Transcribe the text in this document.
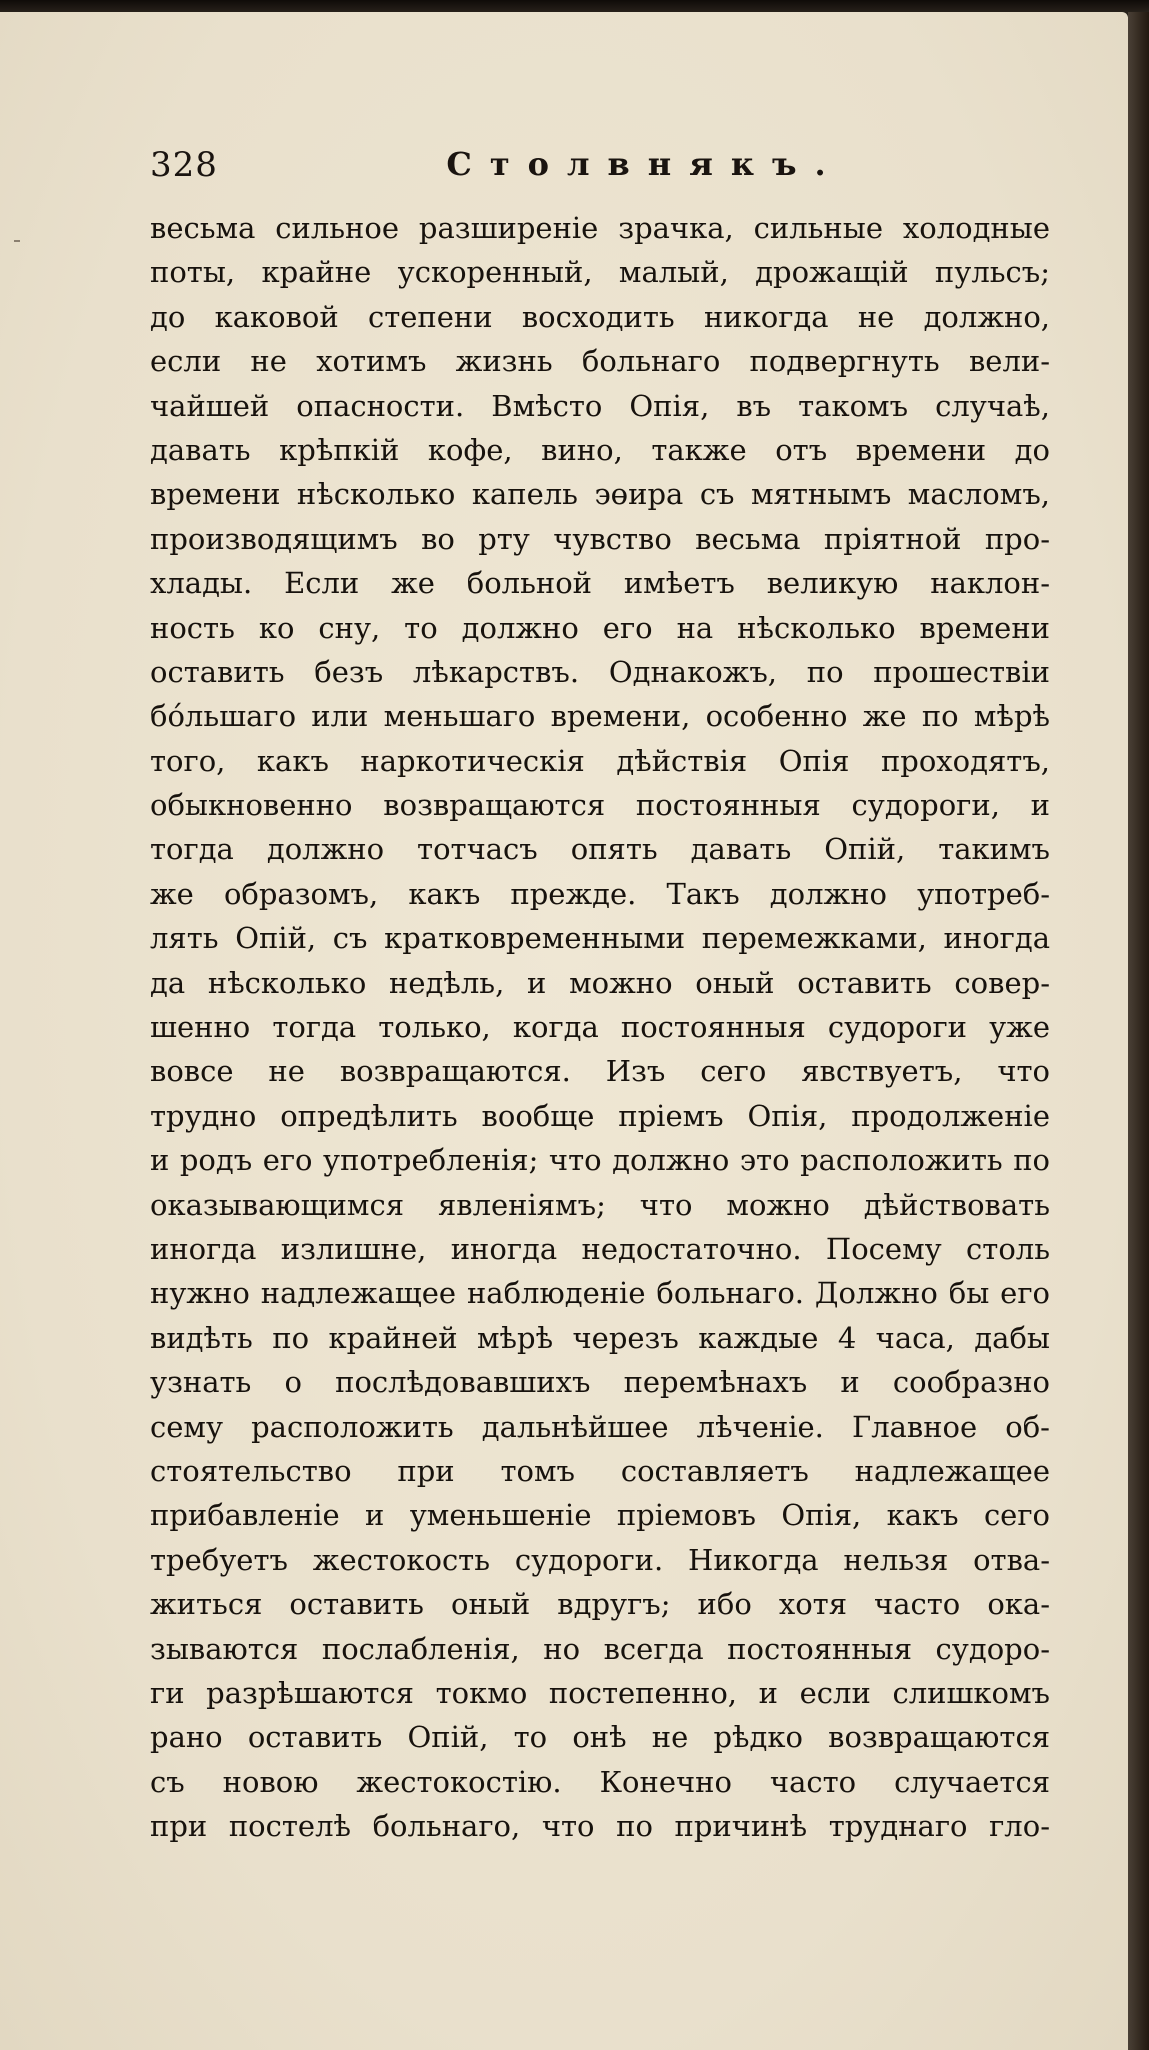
328	Столвнякъ.
весьма сильное разширеніе зрачка, сильные холодные
поты, крайне ускоренный, малый, дрожащій пульсъ;
до каковой степени восходить никогда не должно,
если не хотимъ жизнь больнаго подвергнуть вели-
чайшей опасности. Вмѣсто Опія, въ такомъ случаѣ,
давать крѣпкій кофе, вино, также отъ времени до
времени нѣсколько капель эөира съ мятнымъ масломъ,
производящимъ во рту чувство весьма пріятной про-
хлады. Если же больной имѣетъ великую наклон-
ность ко сну, то должно его на нѣсколько времени
оставить безъ лѣкарствъ. Однакожъ, по прошествіи
бóльшаго или меньшаго времени, особенно же по мѣрѣ
того, какъ наркотическія дѣйствія Опія проходятъ,
обыкновенно возвращаются постоянныя судороги, и
тогда должно тотчасъ опять давать Опій, такимъ
же образомъ, какъ прежде. Такъ должно употреб-
лять Опій, съ кратковременными перемежками, иногда
да нѣсколько недѣль, и можно оный оставить совер-
шенно тогда только, когда постоянныя судороги уже
вовсе не возвращаются. Изъ сего явствуетъ, что
трудно опредѣлить вообще пріемъ Опія, продолженіе
и родъ его употребленія; что должно это расположить по
оказывающимся явленіямъ; что можно дѣйствовать
иногда излишне, иногда недостаточно. Посему столь
нужно надлежащее наблюденіе больнаго. Должно бы его
видѣть по крайней мѣрѣ черезъ каждые 4 часа, дабы
узнать о послѣдовавшихъ перемѣнахъ и сообразно
сему расположить дальнѣйшее лѣченіе. Главное об-
стоятельство при томъ составляетъ надлежащее
прибавленіе и уменьшеніе пріемовъ Опія, какъ сего
требуетъ жестокость судороги. Никогда нельзя отва-
житься оставить оный вдругъ; ибо хотя часто ока-
зываются послабленія, но всегда постоянныя судоро-
ги разрѣшаются токмо постепенно, и если слишкомъ
рано оставить Опій, то онѣ не рѣдко возвращаются
съ новою жестокостію. Конечно часто случается
при постелѣ больнаго, что по причинѣ труднаго гло-
